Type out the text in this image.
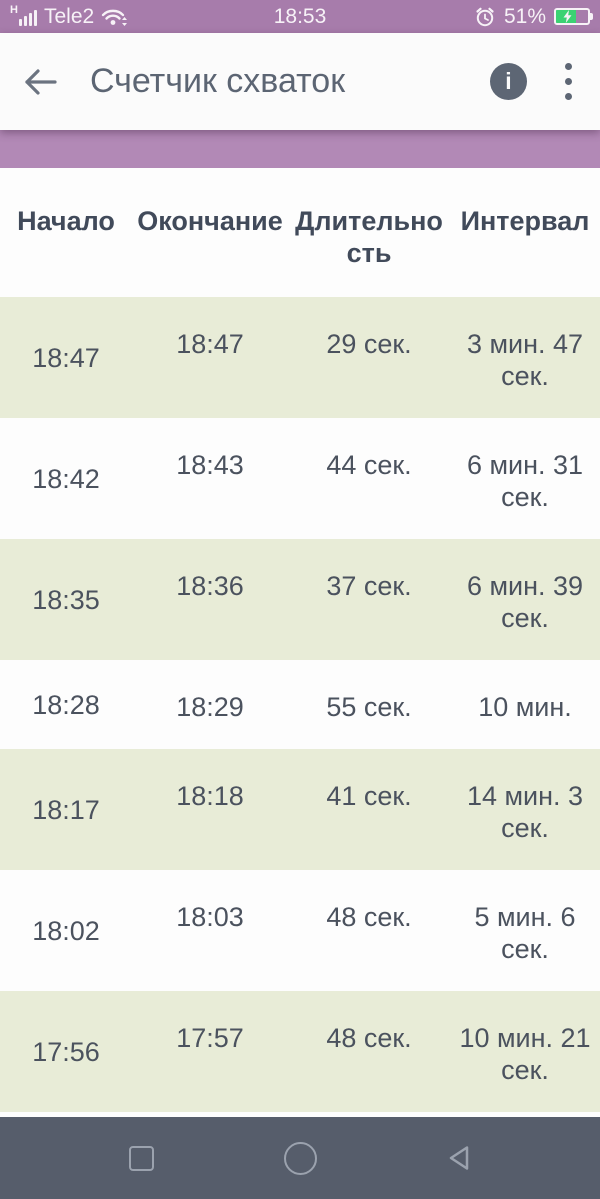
H Tele2	18:53	51%
Счетчик схваток	i
Начало	Окончание	Длительность	Интервал
18:47	18:47	29 сек.	3 мин. 47 сек.
18:42	18:43	44 сек.	6 мин. 31 сек.
18:35	18:36	37 сек.	6 мин. 39 сек.
18:28	18:29	55 сек.	10 мин.
18:17	18:18	41 сек.	14 мин. 3 сек.
18:02	18:03	48 сек.	5 мин. 6 сек.
17:56	17:57	48 сек.	10 мин. 21 сек.
